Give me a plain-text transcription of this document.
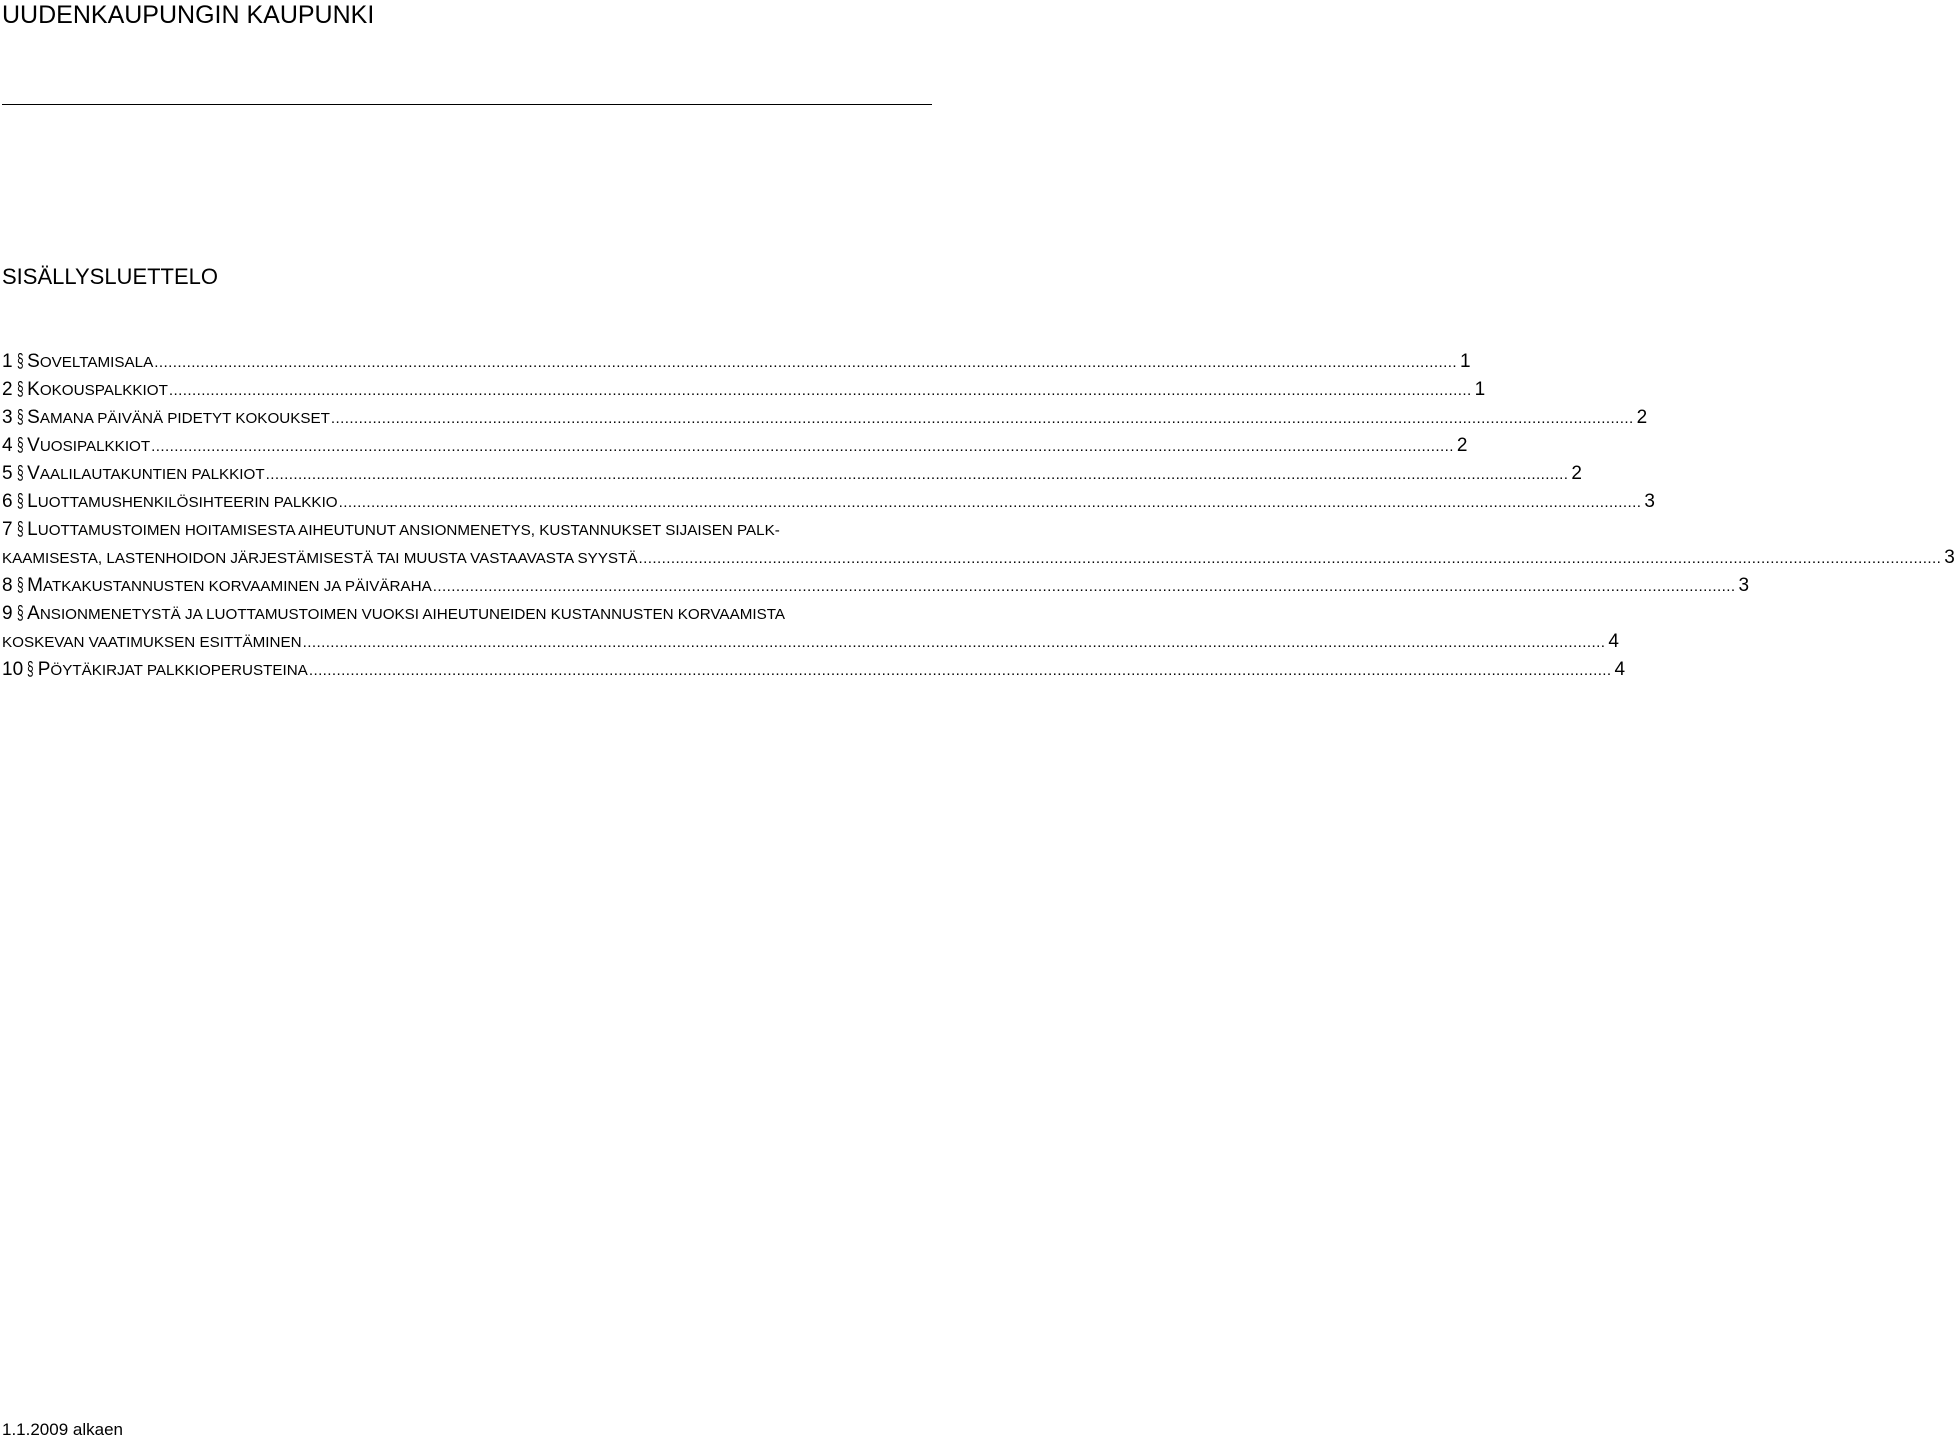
UUDENKAUPUNGIN KAUPUNKI
SISÄLLYSLUETTELO
1 § S OVELTAMISALA .......................................................................................................................................................................................................................................................................................... 1
2 § K OKOUSPALKKIOT .......................................................................................................................................................................................................................................................................................... 1
3 § S AMANA PÄIVÄNÄ PIDETYT KOKOUKSET .......................................................................................................................................................................................................................................................................................... 2
4 § V UOSIPALKKIOT .......................................................................................................................................................................................................................................................................................... 2
5 § V AALILAUTAKUNTIEN PALKKIOT .......................................................................................................................................................................................................................................................................................... 2
6 § L UOTTAMUSHENKILÖSIHTEERIN PALKKIO .......................................................................................................................................................................................................................................................................................... 3
7 § L UOTTAMUSTOIMEN HOITAMISESTA AIHEUTUNUT ANSIONMENETYS, KUSTANNUKSET SIJAISEN PALK-
KAAMISESTA, LASTENHOIDON JÄRJESTÄMISESTÄ TAI MUUSTA VASTAAVASTA SYYSTÄ .......................................................................................................................................................................................................................................................................................... 3
8 § M ATKAKUSTANNUSTEN KORVAAMINEN JA PÄIVÄRAHA .......................................................................................................................................................................................................................................................................................... 3
9 § A NSIONMENETYSTÄ JA LUOTTAMUSTOIMEN VUOKSI AIHEUTUNEIDEN KUSTANNUSTEN KORVAAMISTA
KOSKEVAN VAATIMUKSEN ESITTÄMINEN .......................................................................................................................................................................................................................................................................................... 4
10 § P ÖYTÄKIRJAT PALKKIOPERUSTEINA .......................................................................................................................................................................................................................................................................................... 4
1.1.2009 alkaen
